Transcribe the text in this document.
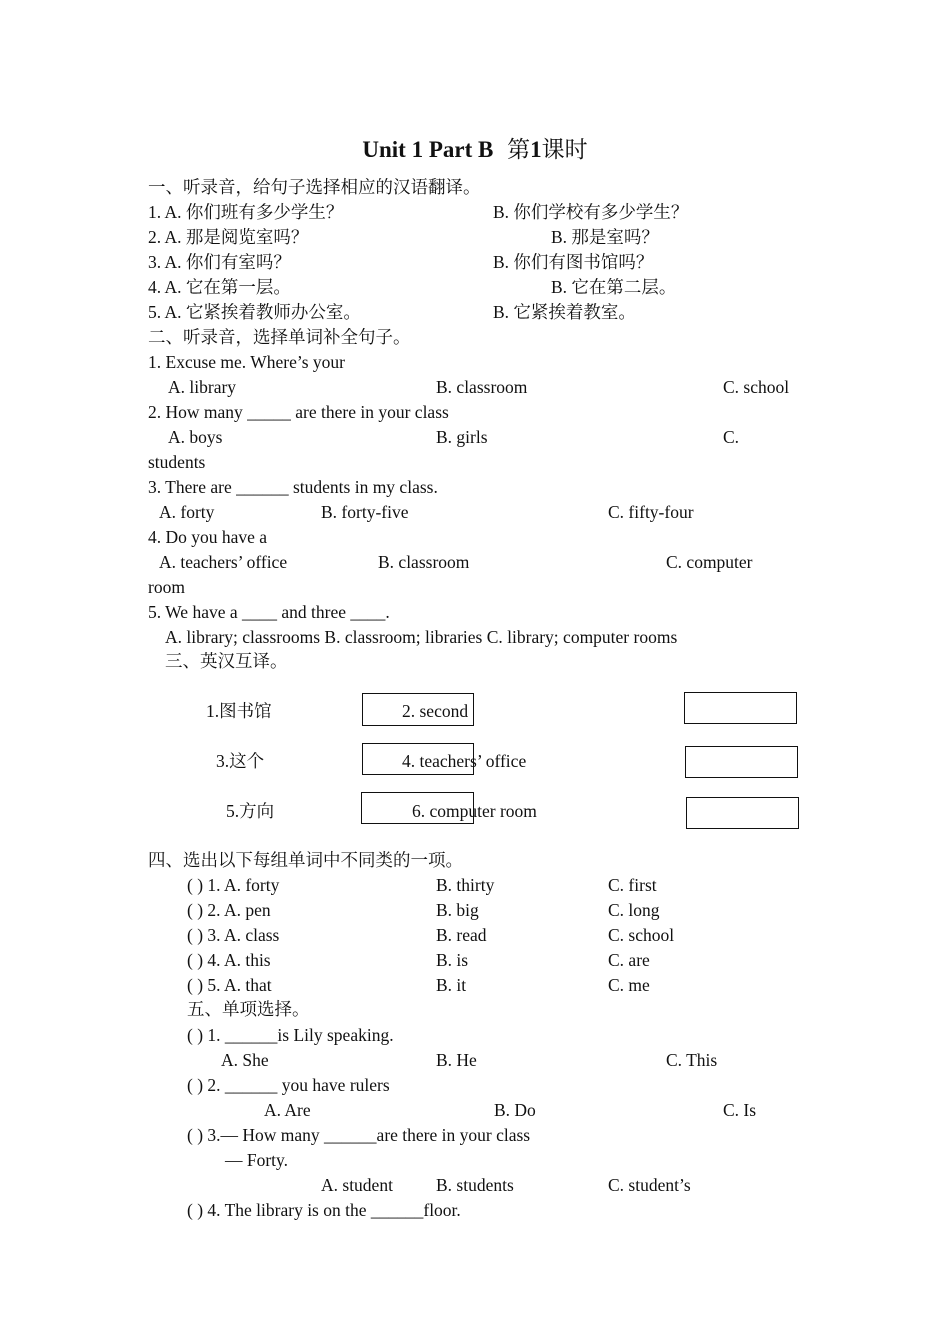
Unit 1 Part B 第1课时
一、听录音，给句子选择相应的汉语翻译。
1. A. 你们班有多少学生？	B. 你们学校有多少学生？
2. A. 那是阅览室吗？	B. 那是室吗？
3. A. 你们有室吗？	B. 你们有图书馆吗？
4. A. 它在第一层。	B. 它在第二层。
5. A. 它紧挨着教师办公室。	B. 它紧挨着教室。
二、听录音，选择单词补全句子。
1. Excuse me. Where’s your
A. library	B. classroom	C. school
2. How many _____ are there in your class
A. boys	B. girls	C.
students
3. There are ______ students in my class.
A. forty	B. forty-five	C. fifty-four
4. Do you have a
A. teachers’ office	B. classroom	C. computer
room
5. We have a ____ and three ____.
A. library; classrooms B. classroom; libraries C. library; computer rooms
三、英汉互译。
1.图书馆	2. second
3.这个	4. teachers’ office
5.方向	6. computer room
四、选出以下每组单词中不同类的一项。
( ) 1. A. forty	B. thirty	C. first
( ) 2. A. pen	B. big	C. long
( ) 3. A. class	B. read	C. school
( ) 4. A. this	B. is	C. are
( ) 5. A. that	B. it	C. me
五、单项选择。
( ) 1. ______is Lily speaking.
A. She	B. He	C. This
( ) 2. ______ you have rulers
A. Are	B. Do	C. Is
( ) 3.— How many ______are there in your class
— Forty.
A. student B. students	C. student’s
( ) 4. The library is on the ______floor.
